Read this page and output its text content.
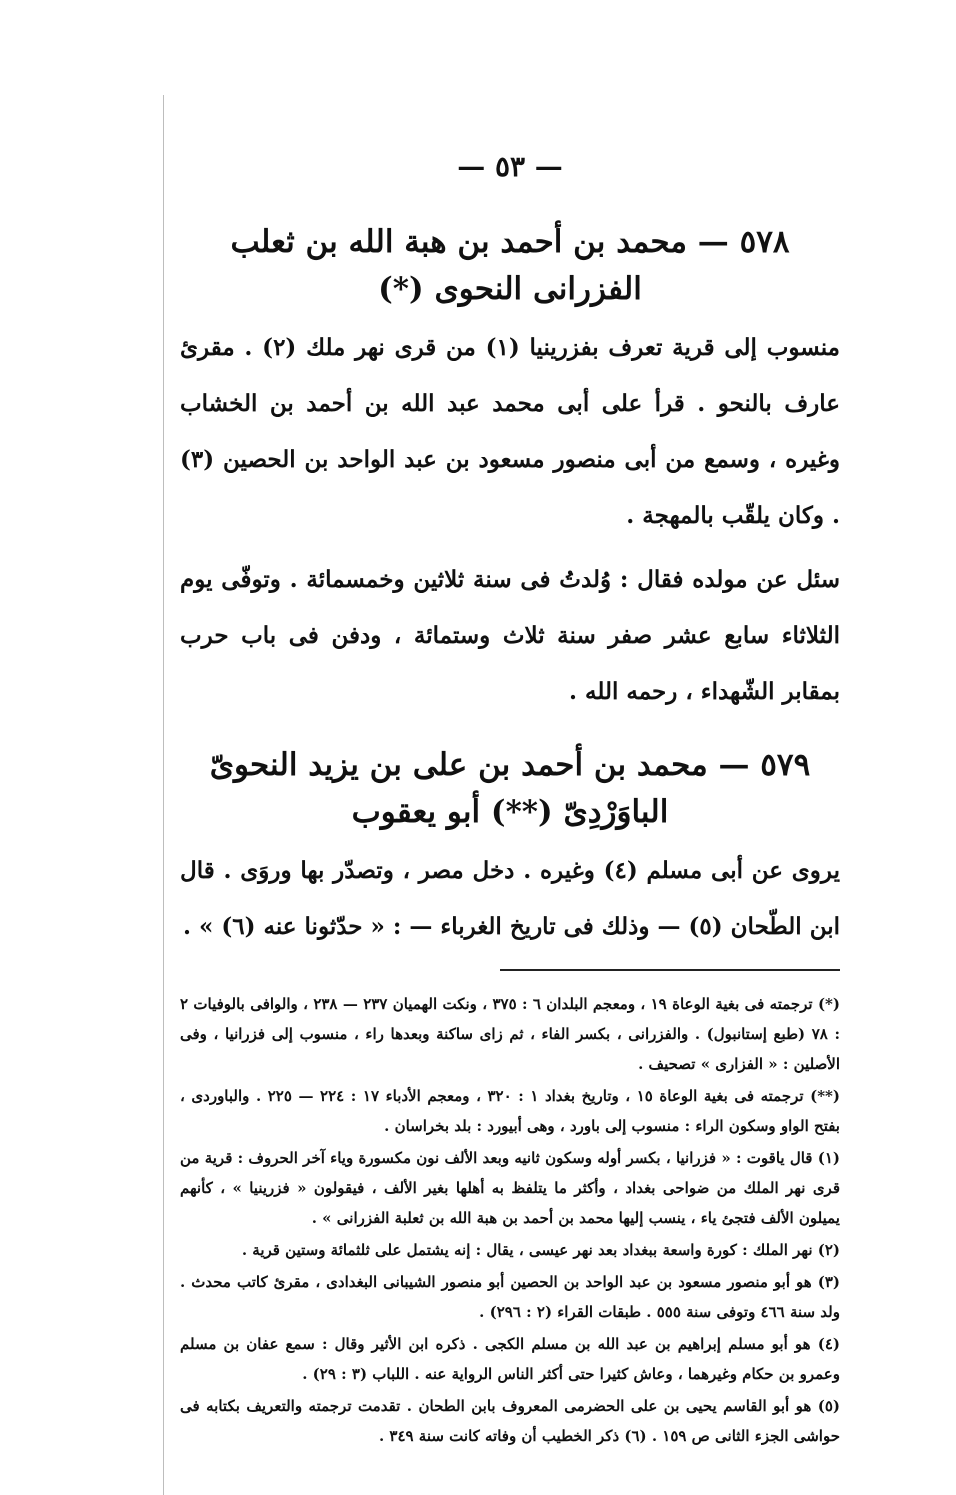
— ٥٣ —
٥٧٨ — محمد بن أحمد بن هبة الله بن ثعلب الفزرانى النحوى (*)

منسوب إلى قرية تعرف بفزرينيا (١) من قرى نهر ملك (٢) . مقرئ عارف بالنحو . قرأ على أبى محمد عبد الله بن أحمد بن الخشاب وغيره ، وسمع من أبى منصور مسعود بن عبد الواحد بن الحصين (٣) . وكان يلقّب بالمهجة .

سئل عن مولده فقال : وُلدتُ فى سنة ثلاثين وخمسمائة . وتوفّى يوم الثلاثاء سابع عشر صفر سنة ثلاث وستمائة ، ودفن فى باب حرب بمقابر الشّهداء ، رحمه الله .

٥٧٩ — محمد بن أحمد بن على بن يزيد النحوىّ
الباوَرْدِىّ (**) أبو يعقوب

يروى عن أبى مسلم (٤) وغيره . دخل مصر ، وتصدّر بها وروَى . قال ابن الطّحان (٥) — وذلك فى تاريخ الغرباء — : « حدّثونا عنه (٦) » .

(*) ترجمته فى بغية الوعاة ١٩ ، ومعجم البلدان ٦ : ٣٧٥ ، ونكت الهميان ٢٣٧ — ٢٣٨ ، والوافى بالوفيات ٢ : ٧٨ (طبع إستانبول) . والفزرانى ، بكسر الفاء ، ثم زاى ساكنة وبعدها راء ، منسوب إلى فزرانيا ، وفى الأصلين : « الفزارى » تصحيف .

(**) ترجمته فى بغية الوعاة ١٥ ، وتاريخ بغداد ١ : ٣٢٠ ، ومعجم الأدباء ١٧ : ٢٢٤ — ٢٢٥ . والباوردى ، بفتح الواو وسكون الراء : منسوب إلى باورد ، وهى أبيورد : بلد بخراسان .

(١) قال ياقوت : « فزرانيا ، بكسر أوله وسكون ثانيه وبعد الألف نون مكسورة وياء آخر الحروف : قرية من قرى نهر الملك من ضواحى بغداد ، وأكثر ما يتلفظ به أهلها بغير الألف ، فيقولون « فزرينيا » ، كأنهم يميلون الألف فتجئ ياء ، ينسب إليها محمد بن أحمد بن هبة الله بن ثعلبة الفزرانى » .

(٢) نهر الملك : كورة واسعة ببغداد بعد نهر عيسى ، يقال : إنه يشتمل على ثلثمائة وستين قرية .

(٣) هو أبو منصور مسعود بن عبد الواحد بن الحصين أبو منصور الشيبانى البغدادى ، مقرئ كاتب محدث . ولد سنة ٤٦٦ وتوفى سنة ٥٥٥ . طبقات القراء (٢ : ٢٩٦) .

(٤) هو أبو مسلم إبراهيم بن عبد الله بن مسلم الكجى . ذكره ابن الأثير وقال : سمع عفان بن مسلم وعمرو بن حكام وغيرهما ، وعاش كثيرا حتى أكثر الناس الرواية عنه . اللباب (٣ : ٢٩) .

(٥) هو أبو القاسم يحيى بن على الحضرمى المعروف بابن الطحان . تقدمت ترجمته والتعريف بكتابه فى حواشى الجزء الثانى ص ١٥٩ . (٦) ذكر الخطيب أن وفاته كانت سنة ٣٤٩ .
